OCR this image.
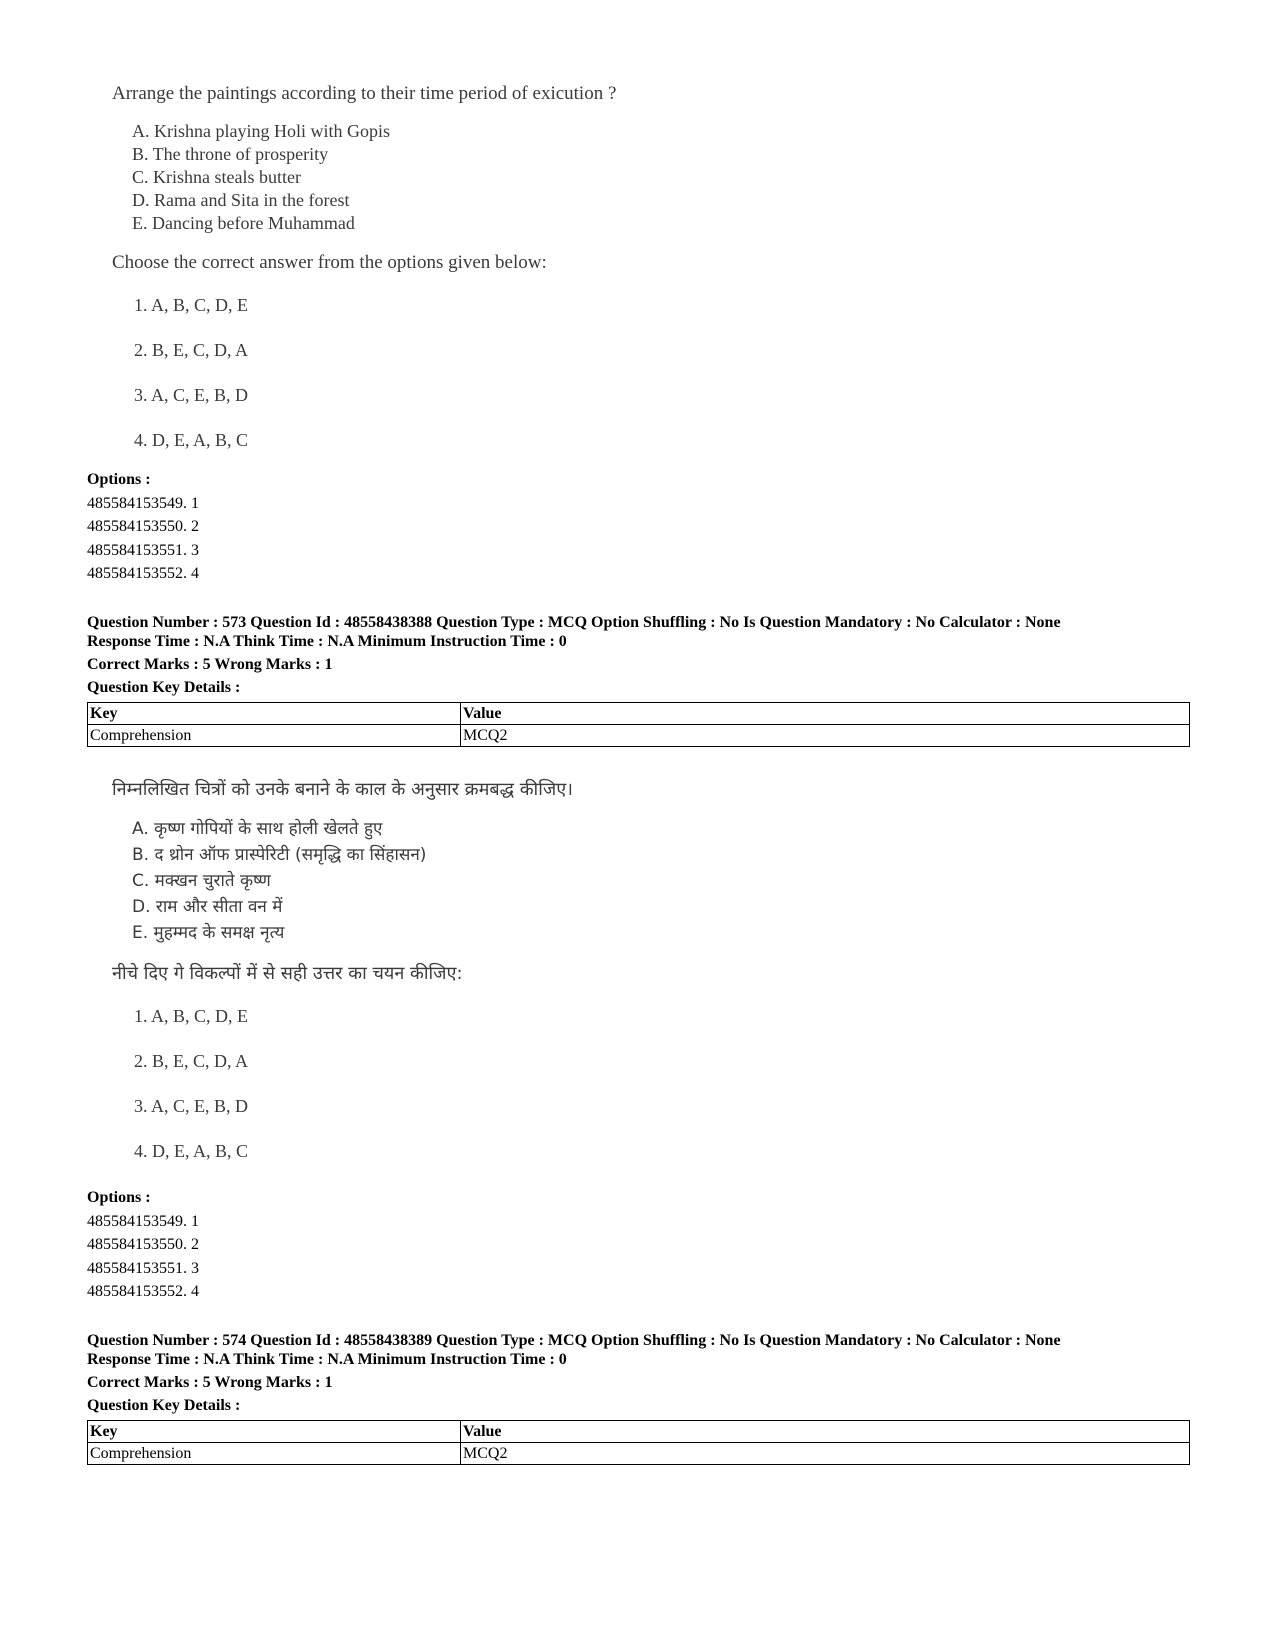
Arrange the paintings according to their time period of exicution ?

A. Krishna playing Holi with Gopis
B. The throne of prosperity
C. Krishna steals butter
D. Rama and Sita in the forest
E. Dancing before Muhammad

Choose the correct answer from the options given below:

1. A, B, C, D, E
2. B, E, C, D, A
3. A, C, E, B, D
4. D, E, A, B, C
Options :
485584153549. 1
485584153550. 2
485584153551. 3
485584153552. 4
Question Number : 573 Question Id : 48558438388 Question Type : MCQ Option Shuffling : No Is Question Mandatory : No Calculator : None
Response Time : N.A Think Time : N.A Minimum Instruction Time : 0
Correct Marks : 5 Wrong Marks : 1
Question Key Details :
Key	Value
Comprehension	MCQ2

निम्नलिखित चित्रों को उनके बनाने के काल के अनुसार क्रमबद्ध कीजिए।

A. कृष्ण गोपियों के साथ होली खेलते हुए
B. द थ्रोन ऑफ प्रास्पेरिटी (समृद्धि का सिंहासन)
C. मक्खन चुराते कृष्ण
D. राम और सीता वन में
E. मुहम्मद के समक्ष नृत्य

नीचे दिए गे विकल्पों में से सही उत्तर का चयन कीजिए:

1. A, B, C, D, E
2. B, E, C, D, A
3. A, C, E, B, D
4. D, E, A, B, C
Options :
485584153549. 1
485584153550. 2
485584153551. 3
485584153552. 4
Question Number : 574 Question Id : 48558438389 Question Type : MCQ Option Shuffling : No Is Question Mandatory : No Calculator : None
Response Time : N.A Think Time : N.A Minimum Instruction Time : 0
Correct Marks : 5 Wrong Marks : 1
Question Key Details :
Key	Value
Comprehension	MCQ2
